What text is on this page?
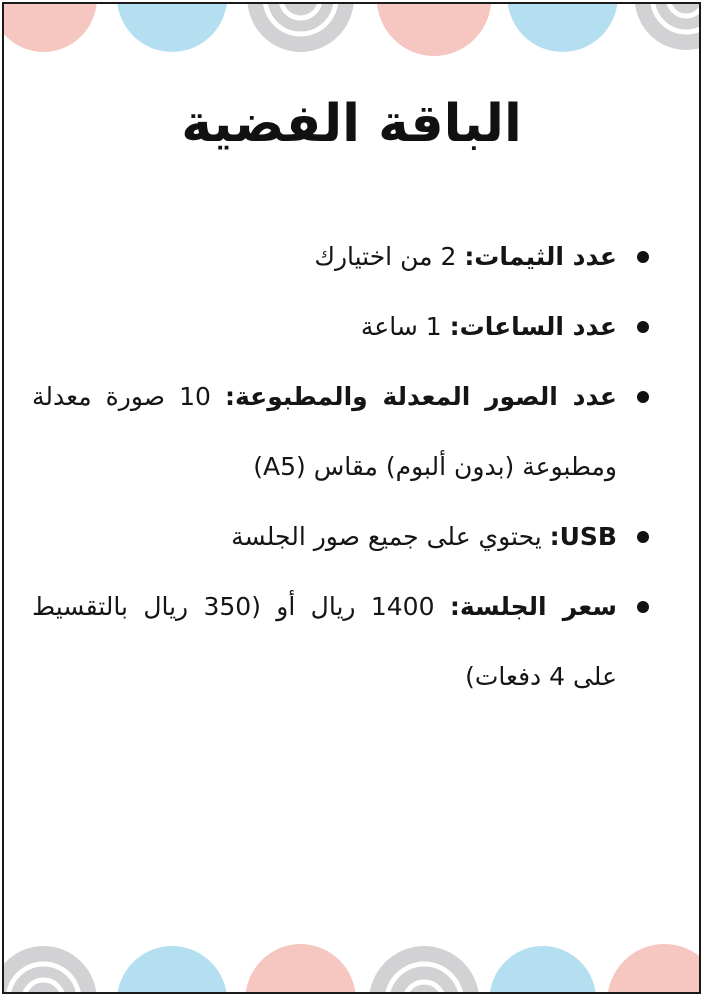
الباقة الفضية
عدد الثيمات: 2 من اختيارك
عدد الساعات: 1 ساعة
عدد الصور المعدلة والمطبوعة: 10 صورة معدلة ومطبوعة (بدون ألبوم) مقاس (A5)
USB: يحتوي على جميع صور الجلسة
سعر الجلسة: 1400 ريال أو (350 ريال بالتقسيط على 4 دفعات)
